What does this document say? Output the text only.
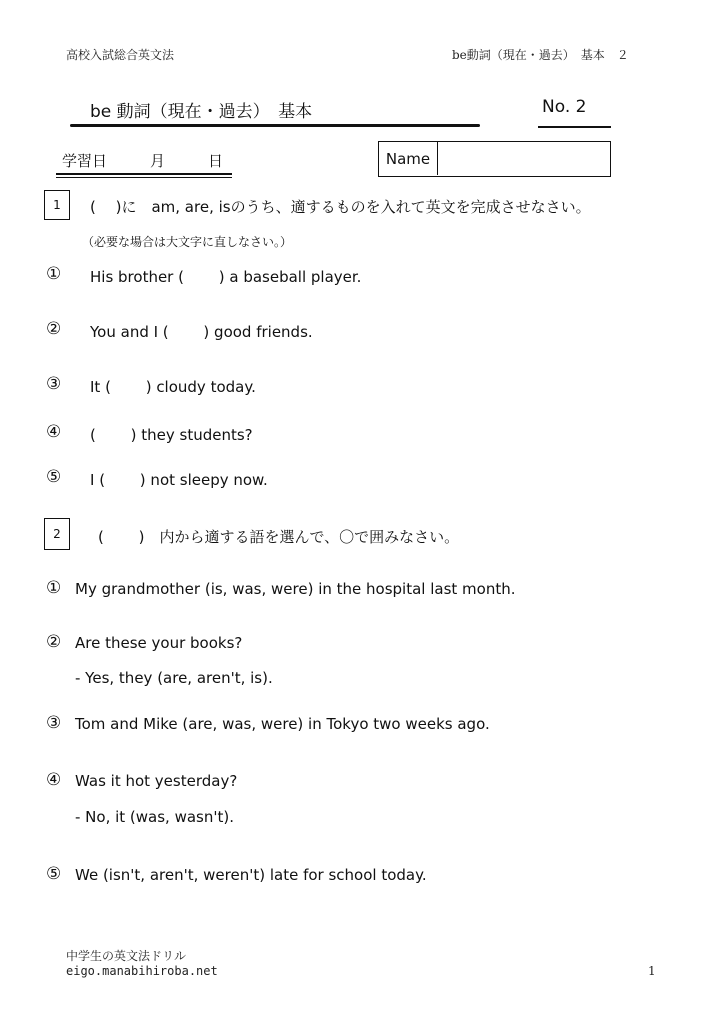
高校入試総合英文法	be動詞（現在・過去）　基本　２
be 動詞（現在・過去）　基本	No. 2
学習日	月	日	Name
1	(　 )に　am, are, isのうち、適するものを入れて英文を完成させなさい。
（必要な場合は大文字に直しなさい。）
① His brother (　　 ) a baseball player.
② You and I (　　 ) good friends.
③ It (　　 ) cloudy today.
④ (　　 ) they students?
⑤ I (　　 ) not sleepy now.
2	(　　 )　内から適する語を選んで、〇で囲みなさい。
① My grandmother (is, was, were) in the hospital last month.
② Are these your books?
- Yes, they (are, aren't, is).
③ Tom and Mike (are, was, were) in Tokyo two weeks ago.
④ Was it hot yesterday?
- No, it (was, wasn't).
⑤ We (isn't, aren't, weren't) late for school today.
中学生の英文法ドリル
eigo.manabihiroba.net	1
